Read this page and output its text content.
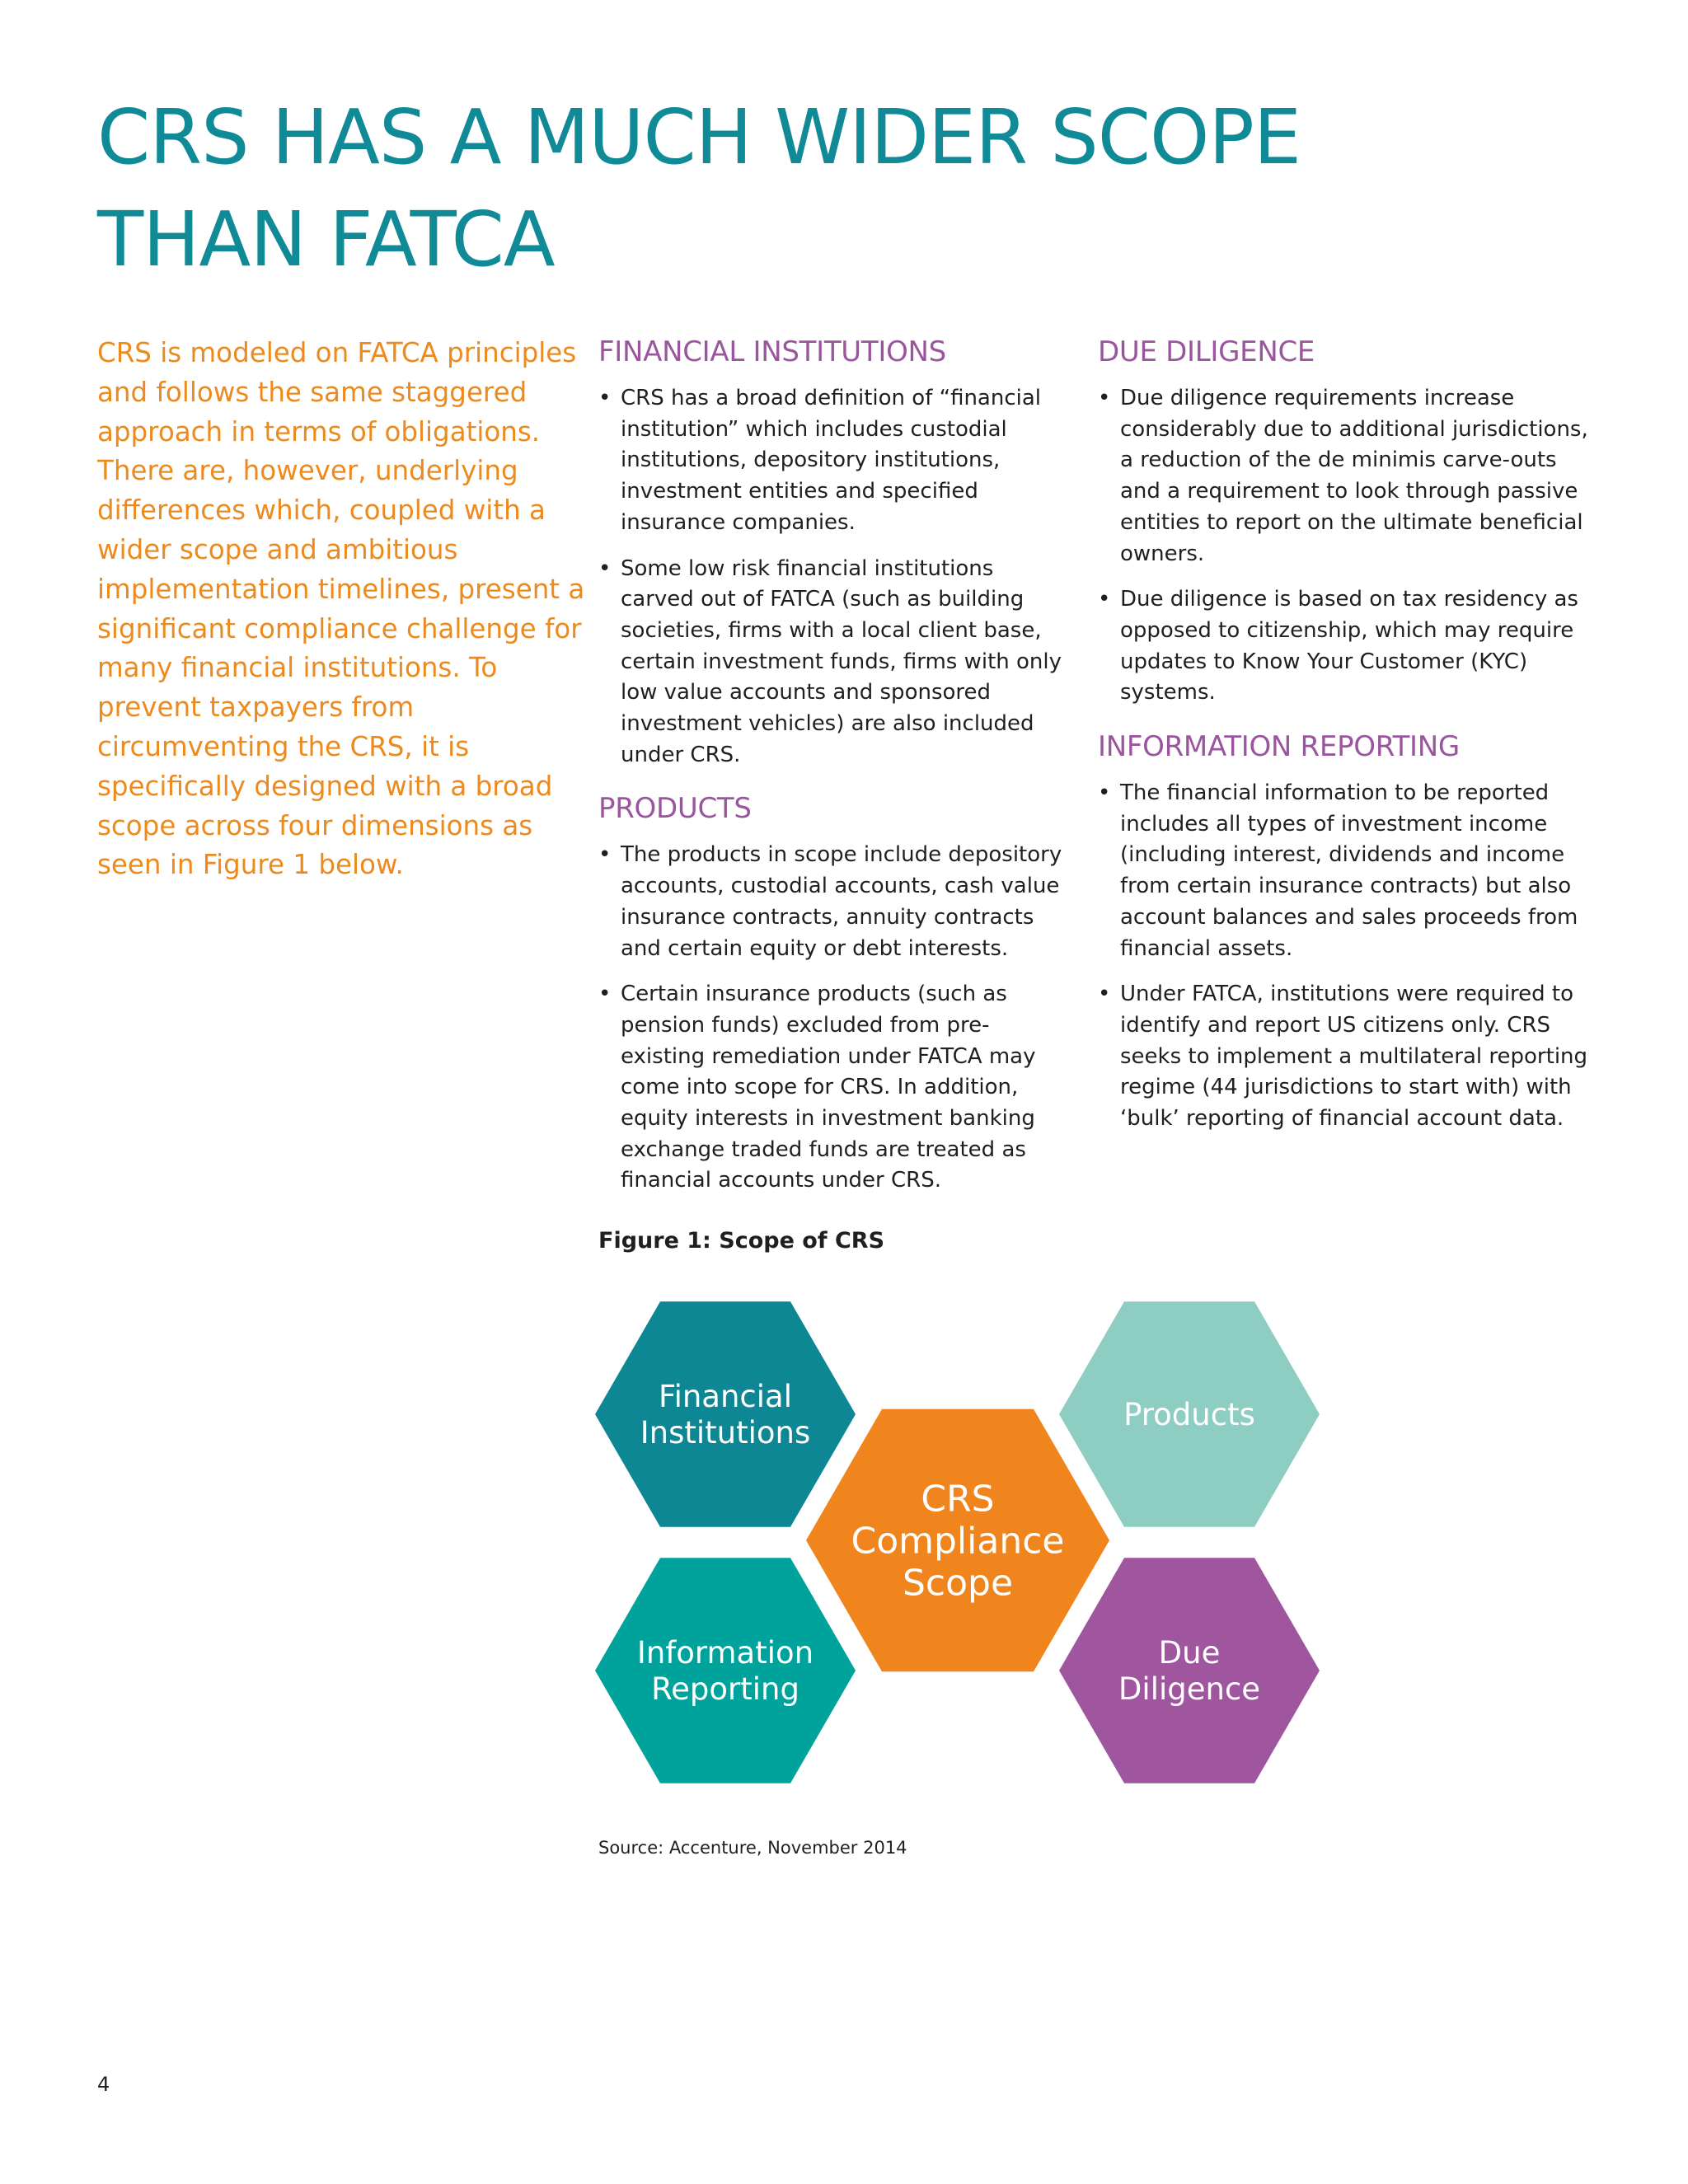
CRS HAS A MUCH WIDER SCOPE
THAN FATCA

CRS is modeled on FATCA principles and follows the same staggered approach in terms of obligations. There are, however, underlying differences which, coupled with a wider scope and ambitious implementation timelines, present a significant compliance challenge for many financial institutions. To prevent taxpayers from circumventing the CRS, it is specifically designed with a broad scope across four dimensions as seen in Figure 1 below.

FINANCIAL INSTITUTIONS
• CRS has a broad definition of “financial institution” which includes custodial institutions, depository institutions, investment entities and specified insurance companies.
• Some low risk financial institutions carved out of FATCA (such as building societies, firms with a local client base, certain investment funds, firms with only low value accounts and sponsored investment vehicles) are also included under CRS.
PRODUCTS
• The products in scope include depository accounts, custodial accounts, cash value insurance contracts, annuity contracts and certain equity or debt interests.
• Certain insurance products (such as pension funds) excluded from pre-existing remediation under FATCA may come into scope for CRS. In addition, equity interests in investment banking exchange traded funds are treated as financial accounts under CRS.
DUE DILIGENCE
• Due diligence requirements increase considerably due to additional jurisdictions, a reduction of the de minimis carve-outs and a requirement to look through passive entities to report on the ultimate beneficial owners.
• Due diligence is based on tax residency as opposed to citizenship, which may require updates to Know Your Customer (KYC) systems.
INFORMATION REPORTING
• The financial information to be reported includes all types of investment income (including interest, dividends and income from certain insurance contracts) but also account balances and sales proceeds from financial assets.
• Under FATCA, institutions were required to identify and report US citizens only. CRS seeks to implement a multilateral reporting regime (44 jurisdictions to start with) with ‘bulk’ reporting of financial account data.

Figure 1: Scope of CRS

Financial
Institutions
Products
CRS
Compliance
Scope
Information
Reporting
Due
Diligence

Source: Accenture, November 2014

4
